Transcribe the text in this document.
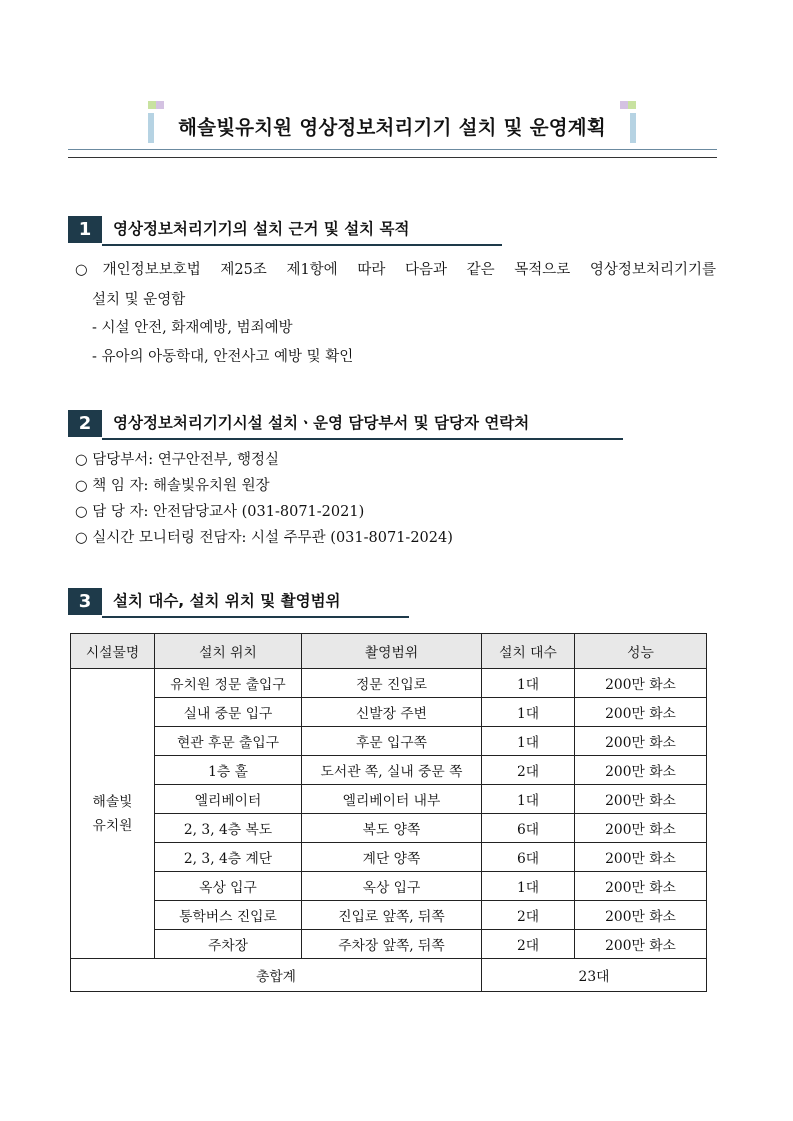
해솔빛유치원 영상정보처리기기 설치 및 운영계획
1	영상정보처리기기의 설치 근거 및 설치 목적
○개인정보보호법 제25조 제1항에 따라 다음과 같은 목적으로 영상정보처리기기를
설치 및 운영함
- 시설 안전, 화재예방, 범죄예방
- 유아의 아동학대, 안전사고 예방 및 확인
2	영상정보처리기기시설 설치ㆍ운영 담당부서 및 담당자 연락처
○ 담당부서: 연구안전부, 행정실
○ 책 임 자: 해솔빛유치원 원장
○ 담 당 자: 안전담당교사 (031-8071-2021)
○ 실시간 모니터링 전담자: 시설 주무관 (031-8071-2024)
3	설치 대수, 설치 위치 및 촬영범위
시설물명	설치 위치	촬영범위	설치 대수	성능

해솔빛
유치원	유치원 정문 출입구	정문 진입로	1대	200만 화소
	실내 중문 입구	신발장 주변	1대	200만 화소
	현관 후문 출입구	후문 입구쪽	1대	200만 화소
	1층 홀	도서관 쪽, 실내 중문 쪽	2대	200만 화소
	엘리베이터	엘리베이터 내부	1대	200만 화소
	2, 3, 4층 복도	복도 양쪽	6대	200만 화소
	2, 3, 4층 계단	계단 양쪽	6대	200만 화소
	옥상 입구	옥상 입구	1대	200만 화소
	통학버스 진입로	진입로 앞쪽, 뒤쪽	2대	200만 화소
	주차장	주차장 앞쪽, 뒤쪽	2대	200만 화소
총합계			23대	
